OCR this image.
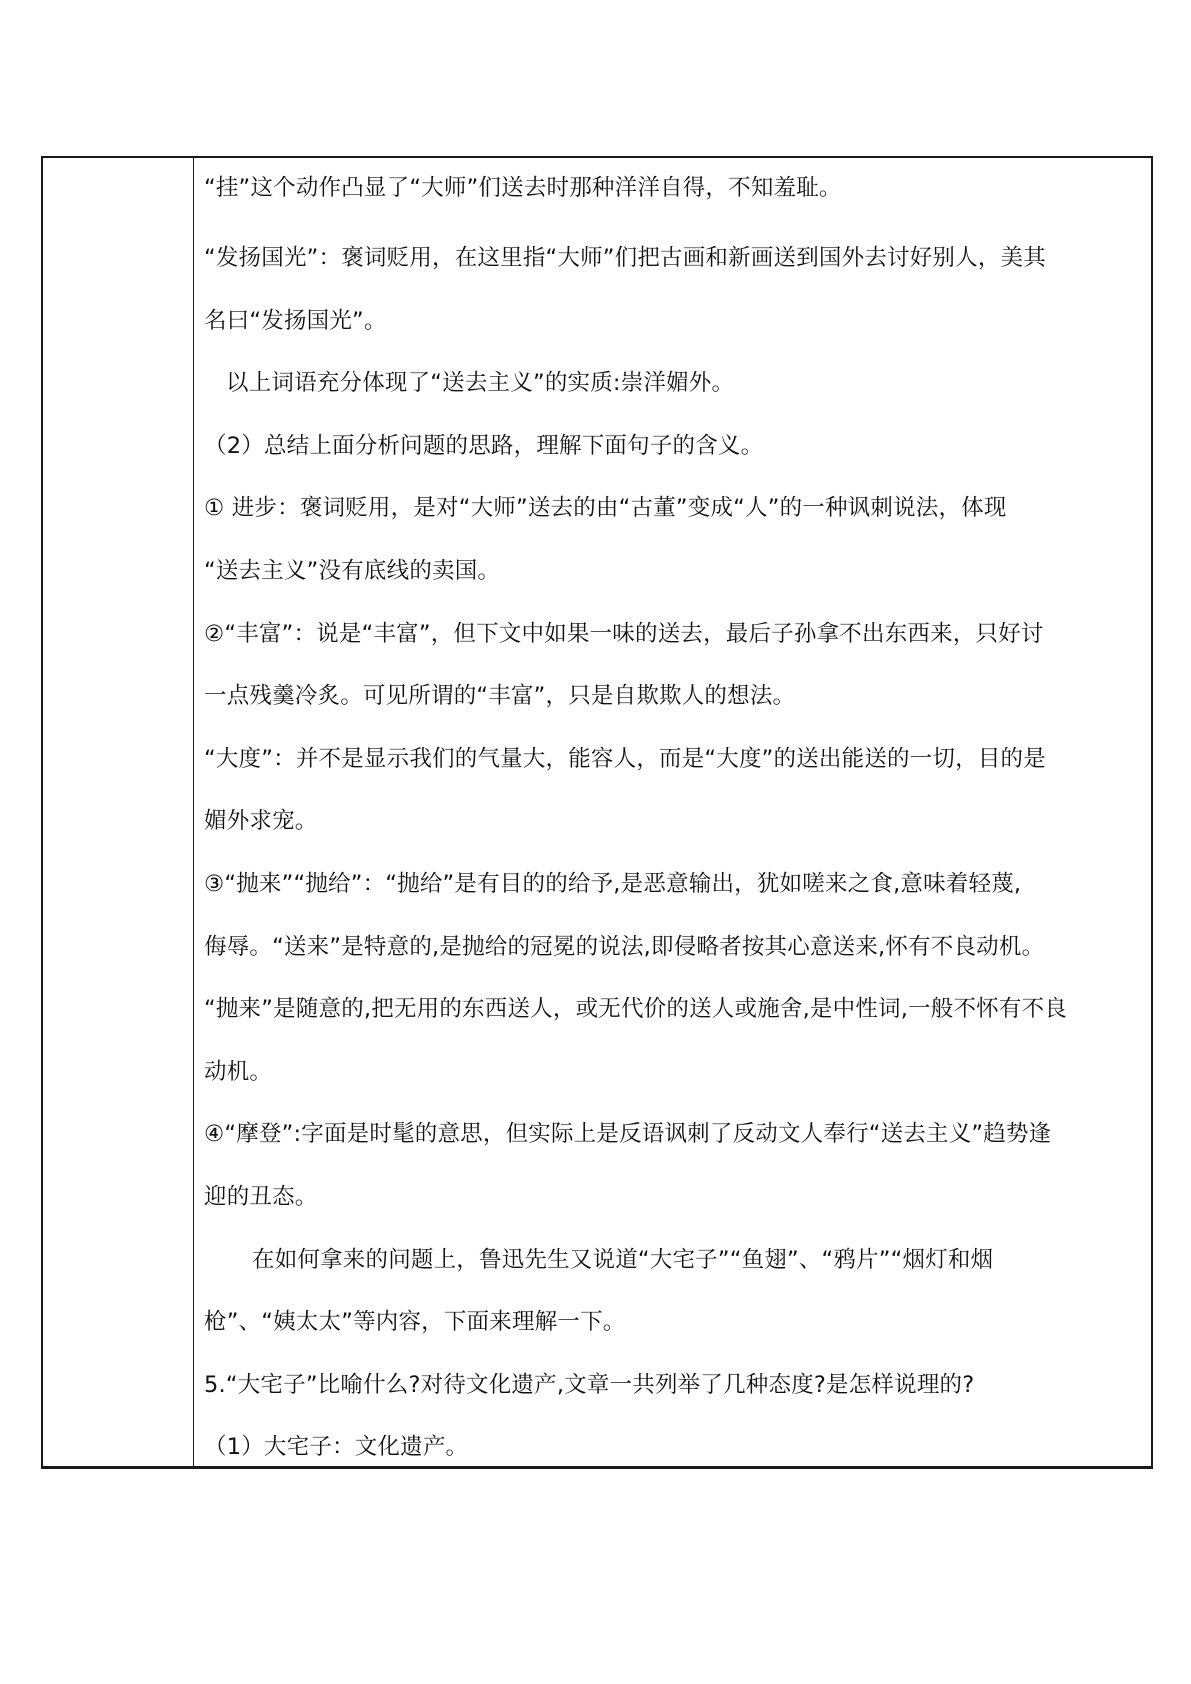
“挂”这个动作凸显了“大师”们送去时那种洋洋自得，不知羞耻。
“发扬国光”：褒词贬用，在这里指“大师”们把古画和新画送到国外去讨好别人，美其
名曰“发扬国光”。
以上词语充分体现了“送去主义”的实质:崇洋媚外。
（2）总结上面分析问题的思路，理解下面句子的含义。
① 进步：褒词贬用，是对“大师”送去的由“古董”变成“人”的一种讽刺说法，体现
“送去主义”没有底线的卖国。
②“丰富”：说是“丰富”，但下文中如果一味的送去，最后子孙拿不出东西来，只好讨
一点残羹冷炙。可见所谓的“丰富”，只是自欺欺人的想法。
“大度”：并不是显示我们的气量大，能容人，而是“大度”的送出能送的一切，目的是
媚外求宠。
③“抛来”“抛给”：“抛给”是有目的的给予,是恶意输出，犹如嗟来之食,意味着轻蔑,
侮辱。“送来”是特意的,是抛给的冠冕的说法,即侵略者按其心意送来,怀有不良动机。
“抛来”是随意的,把无用的东西送人，或无代价的送人或施舍,是中性词,一般不怀有不良
动机。
④“摩登”:字面是时髦的意思，但实际上是反语讽刺了反动文人奉行“送去主义”趋势逢
迎的丑态。
在如何拿来的问题上，鲁迅先生又说道“大宅子”“鱼翅”、“鸦片”“烟灯和烟
枪”、“姨太太”等内容，下面来理解一下。
5.“大宅子”比喻什么?对待文化遗产,文章一共列举了几种态度?是怎样说理的?
（1）大宅子：文化遗产。
